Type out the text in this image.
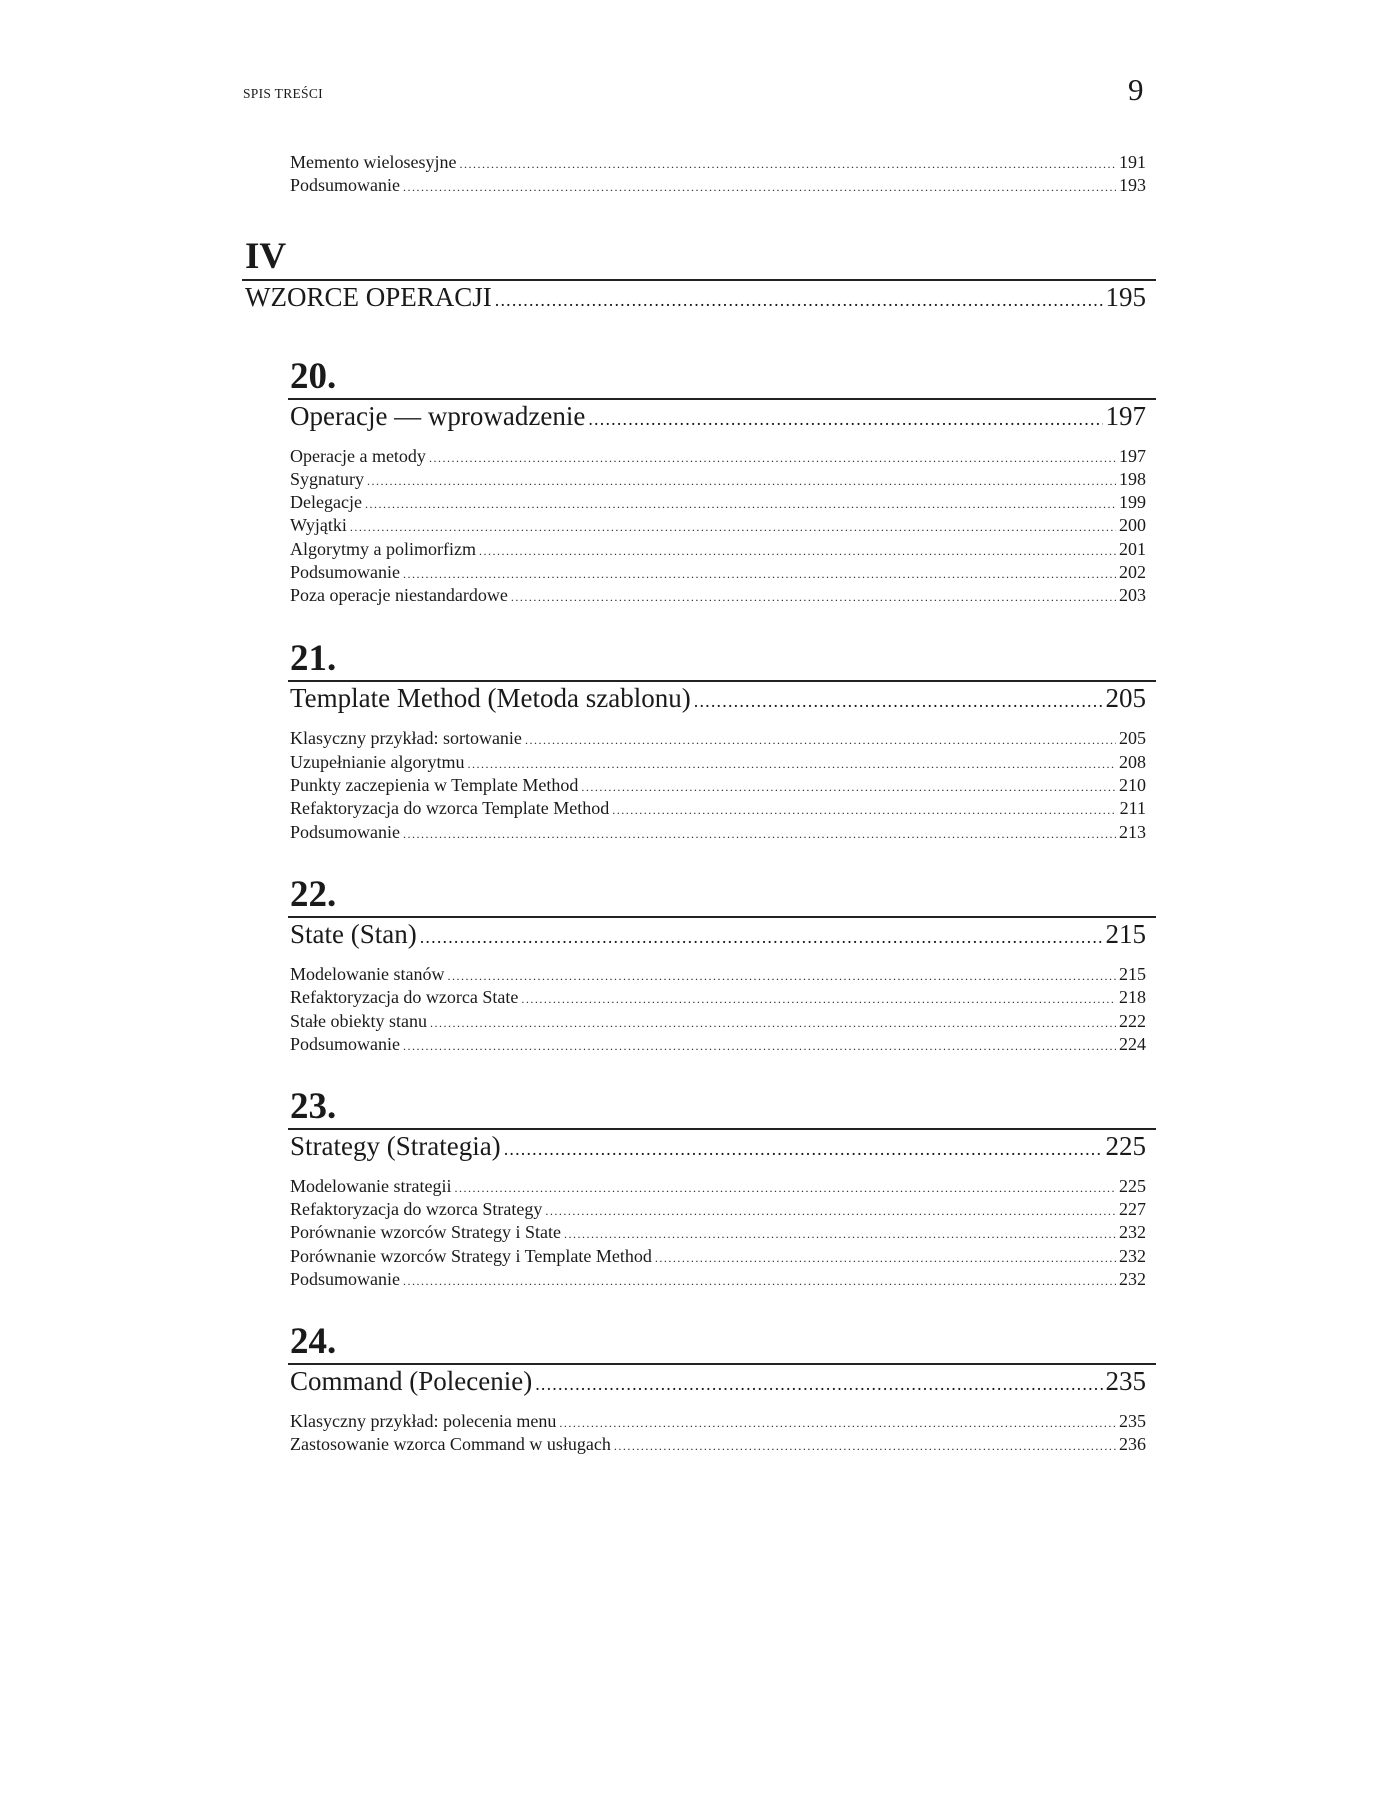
SPIS TREŚCI	9
Memento wielosesyjne .....	191
Podsumowanie .....	193
IV
WZORCE OPERACJI .....	195
20.
Operacje — wprowadzenie .....	197
Operacje a metody .....	197
Sygnatury .....	198
Delegacje .....	199
Wyjątki .....	200
Algorytmy a polimorfizm .....	201
Podsumowanie .....	202
Poza operacje niestandardowe .....	203
21.
Template Method (Metoda szablonu) .....	205
Klasyczny przykład: sortowanie .....	205
Uzupełnianie algorytmu .....	208
Punkty zaczepienia w Template Method .....	210
Refaktoryzacja do wzorca Template Method .....	211
Podsumowanie .....	213
22.
State (Stan) .....	215
Modelowanie stanów .....	215
Refaktoryzacja do wzorca State .....	218
Stałe obiekty stanu .....	222
Podsumowanie .....	224
23.
Strategy (Strategia) .....	225
Modelowanie strategii .....	225
Refaktoryzacja do wzorca Strategy .....	227
Porównanie wzorców Strategy i State .....	232
Porównanie wzorców Strategy i Template Method .....	232
Podsumowanie .....	232
24.
Command (Polecenie) .....	235
Klasyczny przykład: polecenia menu .....	235
Zastosowanie wzorca Command w usługach .....	236
